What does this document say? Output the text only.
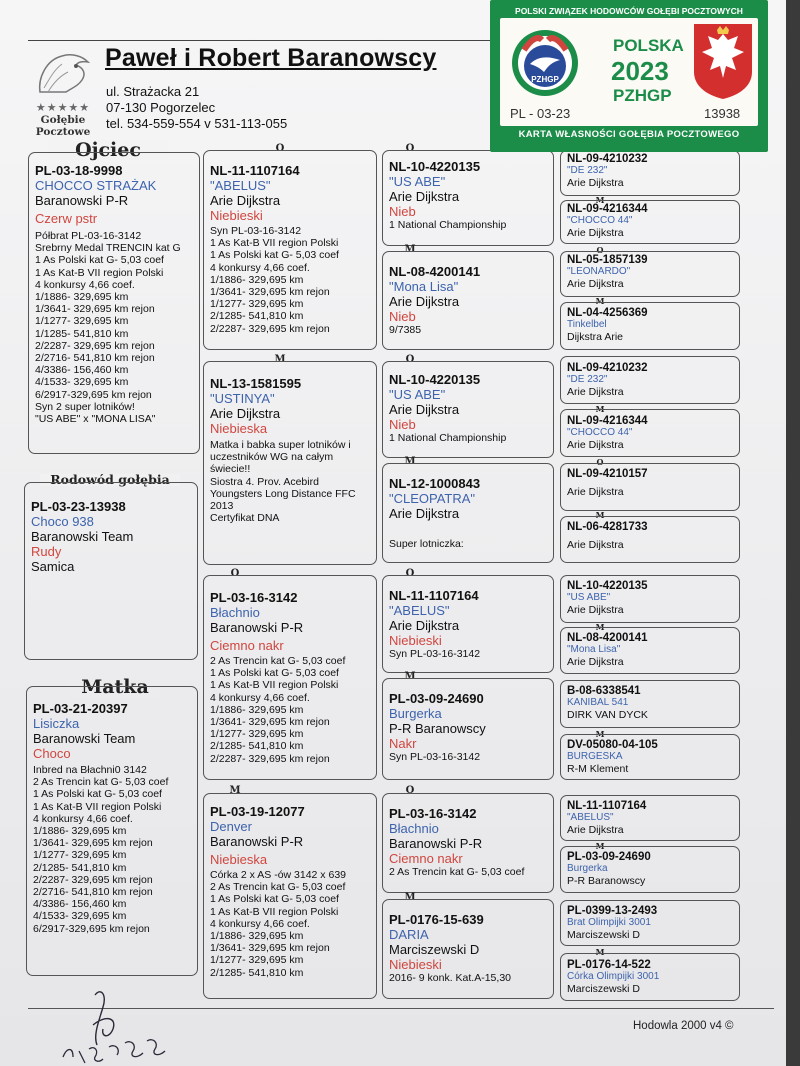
★★★★★
Gołębie
Pocztowe
Paweł i Robert Baranowscy
ul. Strażacka 21
07-130 Pogorzelec
tel. 534-559-554 v 531-113-055
Ojciec
Rodowód gołębia
Matka
PL-03-18-9998
CHOCCO STRAŻAK
Baranowski P-R
Czerw pstr
Półbrat PL-03-16-3142
Srebrny Medal TRENCIN kat G
1 As Polski kat G- 5,03 coef
1 As Kat-B VII region Polski
4 konkursy 4,66 coef.
1/1886- 329,695 km
1/3641- 329,695 km rejon
1/1277- 329,695 km
1/1285- 541,810 km
2/2287- 329,695 km rejon
2/2716- 541,810 km rejon
4/3386- 156,460 km
4/1533- 329,695 km
6/2917-329,695 km rejon
Syn 2 super lotników!
"US ABE" x "MONA LISA"
PL-03-23-13938
Choco 938
Baranowski Team
Rudy
Samica
PL-03-21-20397
Lisiczka
Baranowski Team
Choco
Inbred na Błachni0 3142
2 As Trencin kat G- 5,03 coef
1 As Polski kat G- 5,03 coef
1 As Kat-B VII region Polski
4 konkursy 4,66 coef.
1/1886- 329,695 km
1/3641- 329,695 km rejon
1/1277- 329,695 km
2/1285- 541,810 km
2/2287- 329,695 km rejon
2/2716- 541,810 km rejon
4/3386- 156,460 km
4/1533- 329,695 km
6/2917-329,695 km rejon
O
NL-11-1107164
"ABELUS"
Arie Dijkstra
Niebieski
Syn PL-03-16-3142
1 As Kat-B VII region Polski
1 As Polski kat G- 5,03 coef
4 konkursy 4,66 coef.
1/1886- 329,695 km
1/3641- 329,695 km rejon
1/1277- 329,695 km
2/1285- 541,810 km
2/2287- 329,695 km rejon
M
NL-13-1581595
"USTINYA"
Arie Dijkstra
Niebieska
Matka i babka super lotników i uczestników WG na całym świecie!!
Siostra 4. Prov. Acebird Youngsters Long Distance FFC 2013
Certyfikat DNA
O
PL-03-16-3142
Błachnio
Baranowski P-R
Ciemno nakr
2 As Trencin kat G- 5,03 coef
1 As Polski kat G- 5,03 coef
1 As Kat-B VII region Polski
4 konkursy 4,66 coef.
1/1886- 329,695 km
1/3641- 329,695 km rejon
1/1277- 329,695 km
2/1285- 541,810 km
2/2287- 329,695 km rejon
M
PL-03-19-12077
Denver
Baranowski P-R
Niebieska
Córka 2 x AS -ów 3142 x 639
2 As Trencin kat G- 5,03 coef
1 As Polski kat G- 5,03 coef
1 As Kat-B VII region Polski
4 konkursy 4,66 coef.
1/1886- 329,695 km
1/3641- 329,695 km rejon
1/1277- 329,695 km
2/1285- 541,810 km
O
NL-10-4220135
"US ABE"
Arie Dijkstra
Nieb
1 National Championship
M
NL-08-4200141
"Mona Lisa"
Arie Dijkstra
Nieb
9/7385
O
NL-10-4220135
"US ABE"
Arie Dijkstra
Nieb
1 National Championship
M
NL-12-1000843
"CLEOPATRA"
Arie Dijkstra
Super lotniczka:
O
NL-11-1107164
"ABELUS"
Arie Dijkstra
Niebieski
Syn PL-03-16-3142
M
PL-03-09-24690
Burgerka
P-R Baranowscy
Nakr
Syn PL-03-16-3142
O
PL-03-16-3142
Błachnio
Baranowski P-R
Ciemno nakr
2 As Trencin kat G- 5,03 coef
M
PL-0176-15-639
DARIA
Marciszewski D
Niebieski
2016- 9 konk. Kat.A-15,30
NL-09-4210232
"DE 232"
Arie Dijkstra
M
NL-09-4216344
"CHOCCO 44"
Arie Dijkstra
O
NL-05-1857139
"LEONARDO"
Arie Dijkstra
M
NL-04-4256369
Tinkelbel
Dijkstra Arie
NL-09-4210232
"DE 232"
Arie Dijkstra
M
NL-09-4216344
"CHOCCO 44"
Arie Dijkstra
O
NL-09-4210157
Arie Dijkstra
M
NL-06-4281733
Arie Dijkstra
NL-10-4220135
"US ABE"
Arie Dijkstra
M
NL-08-4200141
"Mona Lisa"
Arie Dijkstra
B-08-6338541
KANIBAL 541
DIRK VAN DYCK
M
DV-05080-04-105
BURGESKA
R-M Klement
NL-11-1107164
"ABELUS"
Arie Dijkstra
M
PL-03-09-24690
Burgerka
P-R Baranowscy
PL-0399-13-2493
Brat Olimpijki 3001
Marciszewski D
M
PL-0176-14-522
Córka Olimpijki 3001
Marciszewski D
Hodowla 2000 v4 ©
POLSKI ZWIĄZEK HODOWCÓW GOŁĘBI POCZTOWYCH
PZHGP
POLSKA
2023
PZHGP
PL - 03-23	13938
KARTA WŁASNOŚCI GOŁĘBIA POCZTOWEGO
